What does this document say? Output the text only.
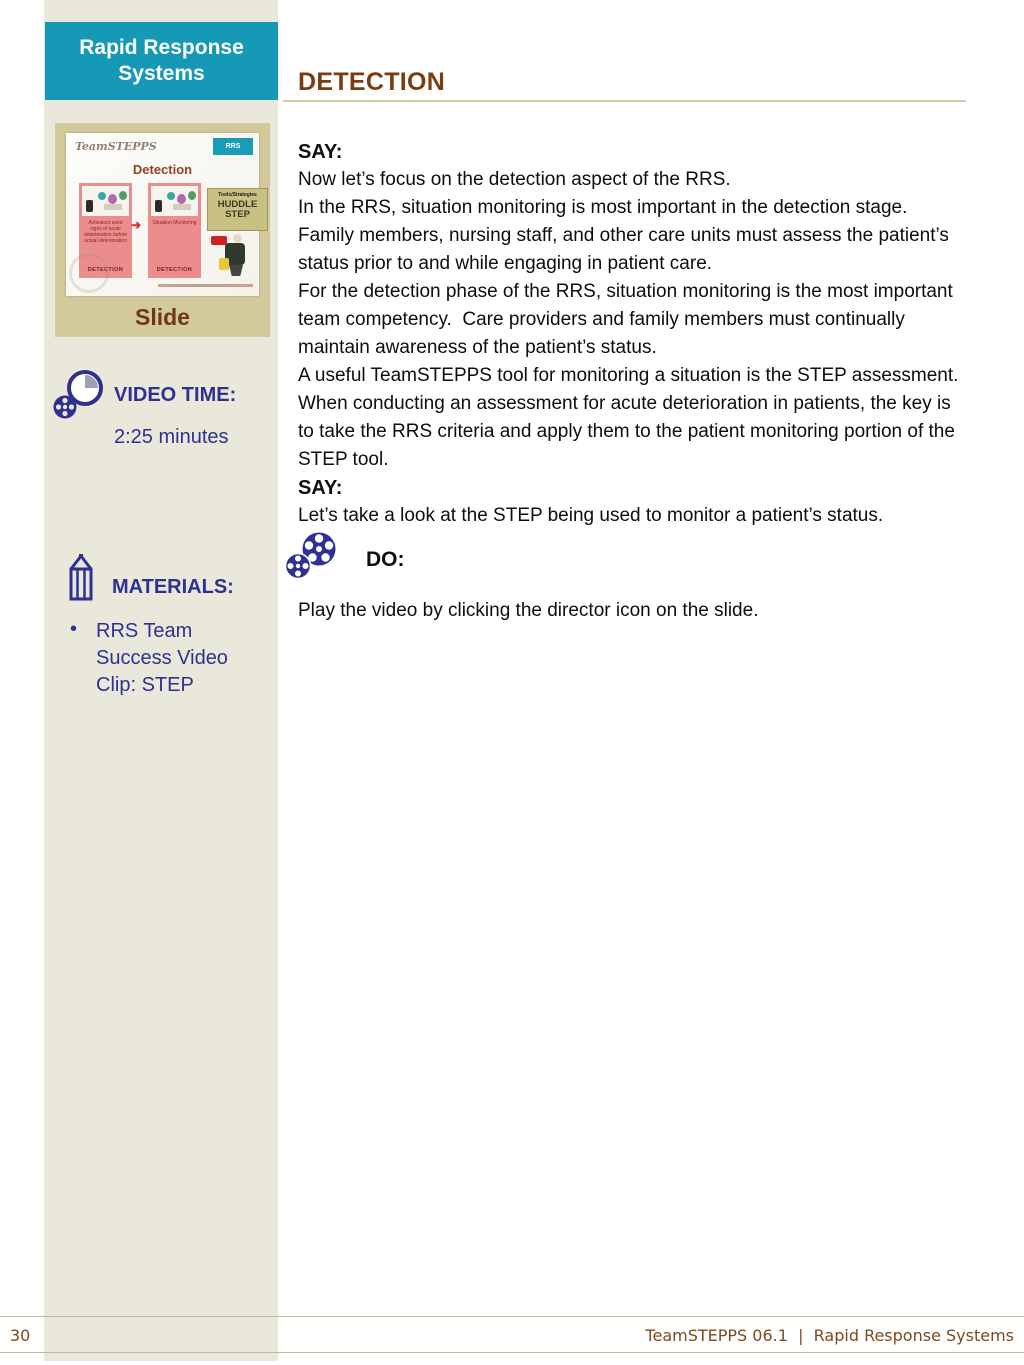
Rapid Response Systems
TeamSTEPPS	RRS
Detection
Activators used signs of acute deterioration before actual deterioration
DETECTION
➔	Situation Monitoring
DETECTION
Tools/Strategies
HUDDLE
STEP
Slide
VIDEO TIME:
2:25 minutes
MATERIALS:
• RRS Team Success Video Clip: STEP
DETECTION

SAY:

Now let’s focus on the detection aspect of the RRS.

In the RRS, situation monitoring is most important in the detection stage.  Family members, nursing staff, and other care units must assess the patient’s status prior to and while engaging in patient care.

For the detection phase of the RRS, situation monitoring is the most important team competency.  Care providers and family members must continually maintain awareness of the patient’s status.

A useful TeamSTEPPS tool for monitoring a situation is the STEP assessment.  When conducting an assessment for acute deterioration in patients, the key is to take the RRS criteria and apply them to the patient monitoring portion of the STEP tool.

SAY:

Let’s take a look at the STEP being used to monitor a patient’s status.

DO:

Play the video by clicking the director icon on the slide.

30	TeamSTEPPS 06.1  |  Rapid Response Systems
